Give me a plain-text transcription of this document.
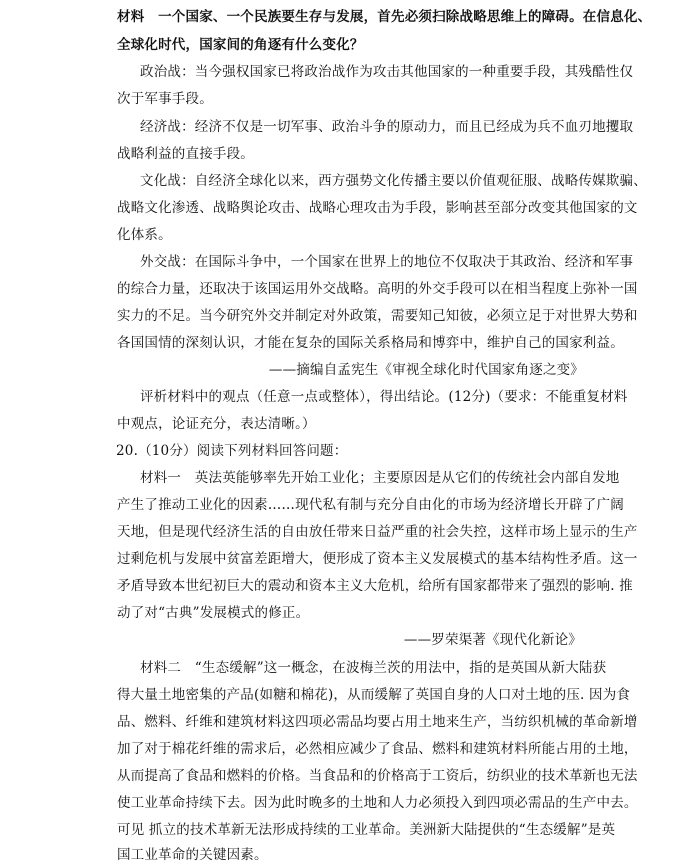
材料　一个国家、一个民族要生存与发展，首先必须扫除战略思维上的障碍。在信息化、
全球化时代，国家间的角逐有什么变化？
政治战：当今强权国家已将政治战作为攻击其他国家的一种重要手段，其残酷性仅
次于军事手段。
经济战：经济不仅是一切军事、政治斗争的原动力，而且已经成为兵不血刃地攫取
战略利益的直接手段。
文化战：自经济全球化以来，西方强势文化传播主要以价值观征服、战略传媒欺骗、
战略文化渗透、战略舆论攻击、战略心理攻击为手段，影响甚至部分改变其他国家的文
化体系。
外交战：在国际斗争中，一个国家在世界上的地位不仅取决于其政治、经济和军事
的综合力量，还取决于该国运用外交战略。高明的外交手段可以在相当程度上弥补一国
实力的不足。当今研究外交并制定对外政策，需要知己知彼，必须立足于对世界大势和
各国国情的深刻认识，才能在复杂的国际关系格局和博弈中，维护自己的国家利益。
——摘编自孟宪生《审视全球化时代国家角逐之变》
评析材料中的观点（任意一点或整体），得出结论。(12分)（要求：不能重复材料
中观点，论证充分，表达清晰。）
20.（10分）阅读下列材料回答问题：
材料一　英法英能够率先开始工业化；主要原因是从它们的传统社会内部自发地
产生了推动工业化的因素……现代私有制与充分自由化的市场为经济增长开辟了广阔
天地，但是现代经济生活的自由放任带来日益严重的社会失控，这样市场上显示的生产
过剩危机与发展中贫富差距增大，便形成了资本主义发展模式的基本结构性矛盾。这一
矛盾导致本世纪初巨大的震动和资本主义大危机，给所有国家都带来了强烈的影响. 推
动了对“古典”发展模式的修正。
——罗荣渠著《现代化新论》
材料二　“生态缓解”这一概念，在波梅兰茨的用法中，指的是英国从新大陆获
得大量土地密集的产品(如糖和棉花)，从而缓解了英国自身的人口对土地的压. 因为食
品、燃料、纤维和建筑材料这四项必需品均要占用土地来生产，当纺织机械的革命新增
加了对于棉花纤维的需求后，必然相应减少了食品、燃料和建筑材料所能占用的土地，
从而提高了食品和燃料的价格。当食品和的价格高于工资后，纺织业的技术革新也无法
使工业革命持续下去。因为此时晚多的土地和人力必须投入到四项必需品的生产中去。
可见 抓立的技术革新无法形成持续的工业革命。美洲新大陆提供的“生态缓解”是英
国工业革命的关键因素。
